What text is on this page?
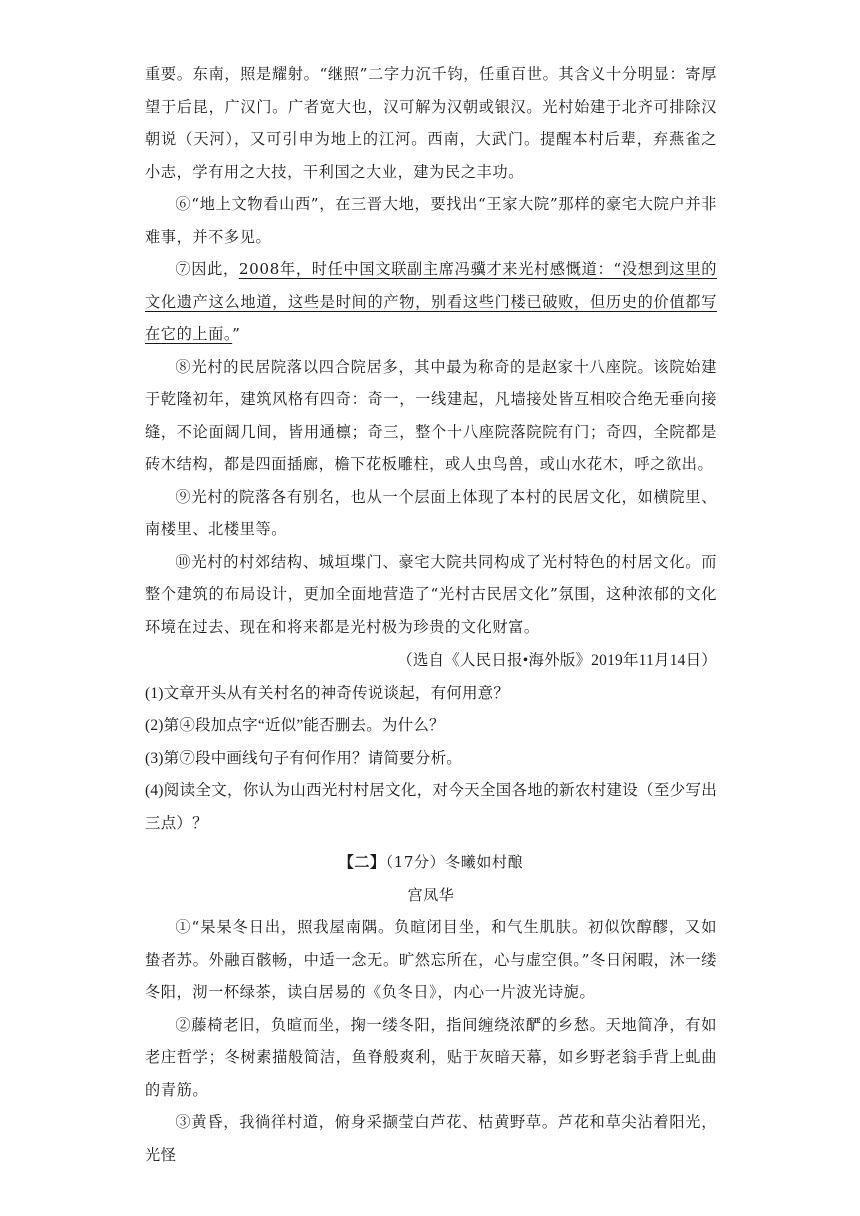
重要。东南，照是耀射。“继照”二字力沉千钧，任重百世。其含义十分明显：寄厚望于后昆，广汉门。广者宽大也，汉可解为汉朝或银汉。光村始建于北齐可排除汉朝说（天河），又可引申为地上的江河。西南，大武门。提醒本村后辈，弃燕雀之小志，学有用之大技，干利国之大业，建为民之丰功。

⑥“地上文物看山西”，在三晋大地，要找出“王家大院”那样的豪宅大院户并非难事，并不多见。

⑦因此，2008年，时任中国文联副主席冯骥才来光村感慨道：“没想到这里的文化遗产这么地道，这些是时间的产物，别看这些门楼已破败，但历史的价值都写在它的上面。”

⑧光村的民居院落以四合院居多，其中最为称奇的是赵家十八座院。该院始建于乾隆初年，建筑风格有四奇：奇一，一线建起，凡墙接处皆互相咬合绝无垂向接缝，不论面阔几间，皆用通檩；奇三，整个十八座院落院院有门；奇四，全院都是砖木结构，都是四面插廊，檐下花板雕柱，或人虫鸟兽，或山水花木，呼之欲出。

⑨光村的院落各有别名，也从一个层面上体现了本村的民居文化，如横院里、南楼里、北楼里等。

⑩光村的村郊结构、城垣堞门、豪宅大院共同构成了光村特色的村居文化。而整个建筑的布局设计，更加全面地营造了“光村古民居文化”氛围，这种浓郁的文化环境在过去、现在和将来都是光村极为珍贵的文化财富。

（选自《人民日报•海外版》2019年11月14日）

(1)文章开头从有关村名的神奇传说谈起，有何用意？

(2)第④段加点字“近似”能否删去。为什么？

(3)第⑦段中画线句子有何作用？请简要分析。

(4)阅读全文，你认为山西光村村居文化，对今天全国各地的新农村建设（至少写出三点）？

【二】（17分）冬曦如村酿

宫凤华

①“杲杲冬日出，照我屋南隅。负暄闭目坐，和气生肌肤。初似饮醇醪，又如蛰者苏。外融百骸畅，中适一念无。旷然忘所在，心与虚空俱。”冬日闲暇，沐一缕冬阳，沏一杯绿茶，读白居易的《负冬日》，内心一片波光诗旎。

②藤椅老旧，负暄而坐，掬一缕冬阳，指间缠绕浓酽的乡愁。天地简净，有如老庄哲学；冬树素描般简洁，鱼脊般爽利，贴于灰暗天幕，如乡野老翁手背上虬曲的青筋。

③黄昏，我徜徉村道，俯身采撷莹白芦花、枯黄野草。芦花和草尖沾着阳光，光怪
